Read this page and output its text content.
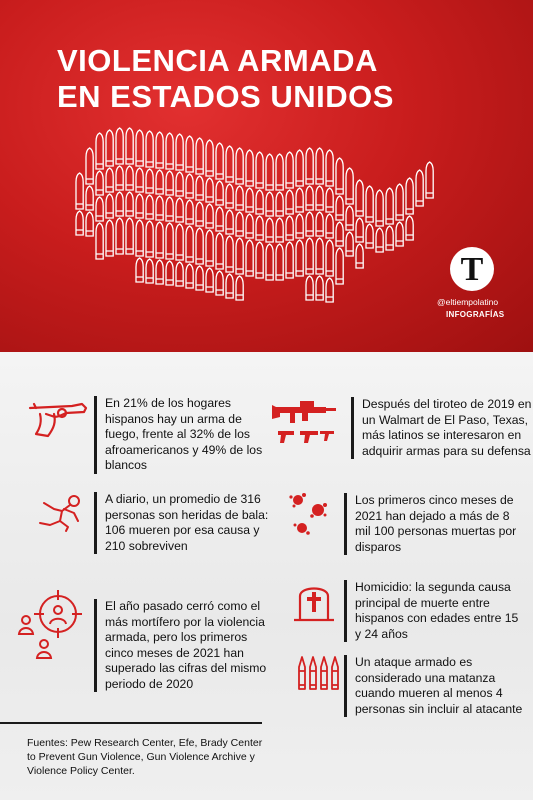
VIOLENCIA ARMADA
EN ESTADOS UNIDOS
T
@eltiempolatino
INFOGRAFÍAS
En 21% de los hogares hispanos hay un arma de fuego, frente al 32% de los afroamericanos y 49% de los blancos
Después del tiroteo de 2019 en un Walmart de El Paso, Texas, más latinos se interesaron en adquirir armas para su defensa
A diario, un promedio de 316 personas son heridas de bala: 106 mueren por esa causa y 210 sobreviven
Los primeros cinco meses de 2021 han dejado a más de 8 mil 100 personas muertas por disparos
El año pasado cerró como el más mortífero por la violencia armada, pero los primeros cinco meses de 2021 han superado las cifras del mismo periodo de 2020
Homicidio: la segunda causa principal de muerte entre hispanos con edades entre 15 y 24 años
Un ataque armado es considerado una matanza cuando mueren al menos 4 personas sin incluir al atacante
Fuentes: Pew Research Center, Efe, Brady Center to Prevent Gun Violence, Gun Violence Archive y Violence Policy Center.
